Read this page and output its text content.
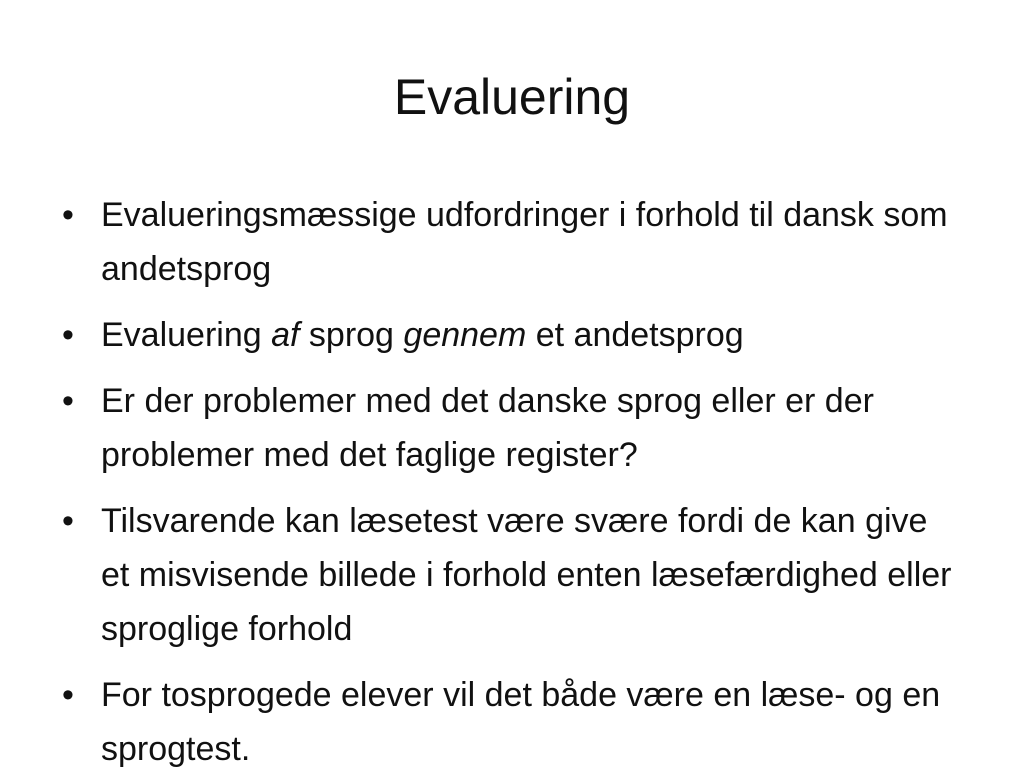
Evaluering
• Evalueringsmæssige udfordringer i forhold til dansk som andetsprog
• Evaluering af sprog gennem et andetsprog
• Er der problemer med det danske sprog eller er der problemer med det faglige register?
• Tilsvarende kan læsetest være svære fordi de kan give et misvisende billede i forhold enten læsefærdighed eller sproglige forhold
• For tosprogede elever vil det både være en læse- og en sprogtest.
